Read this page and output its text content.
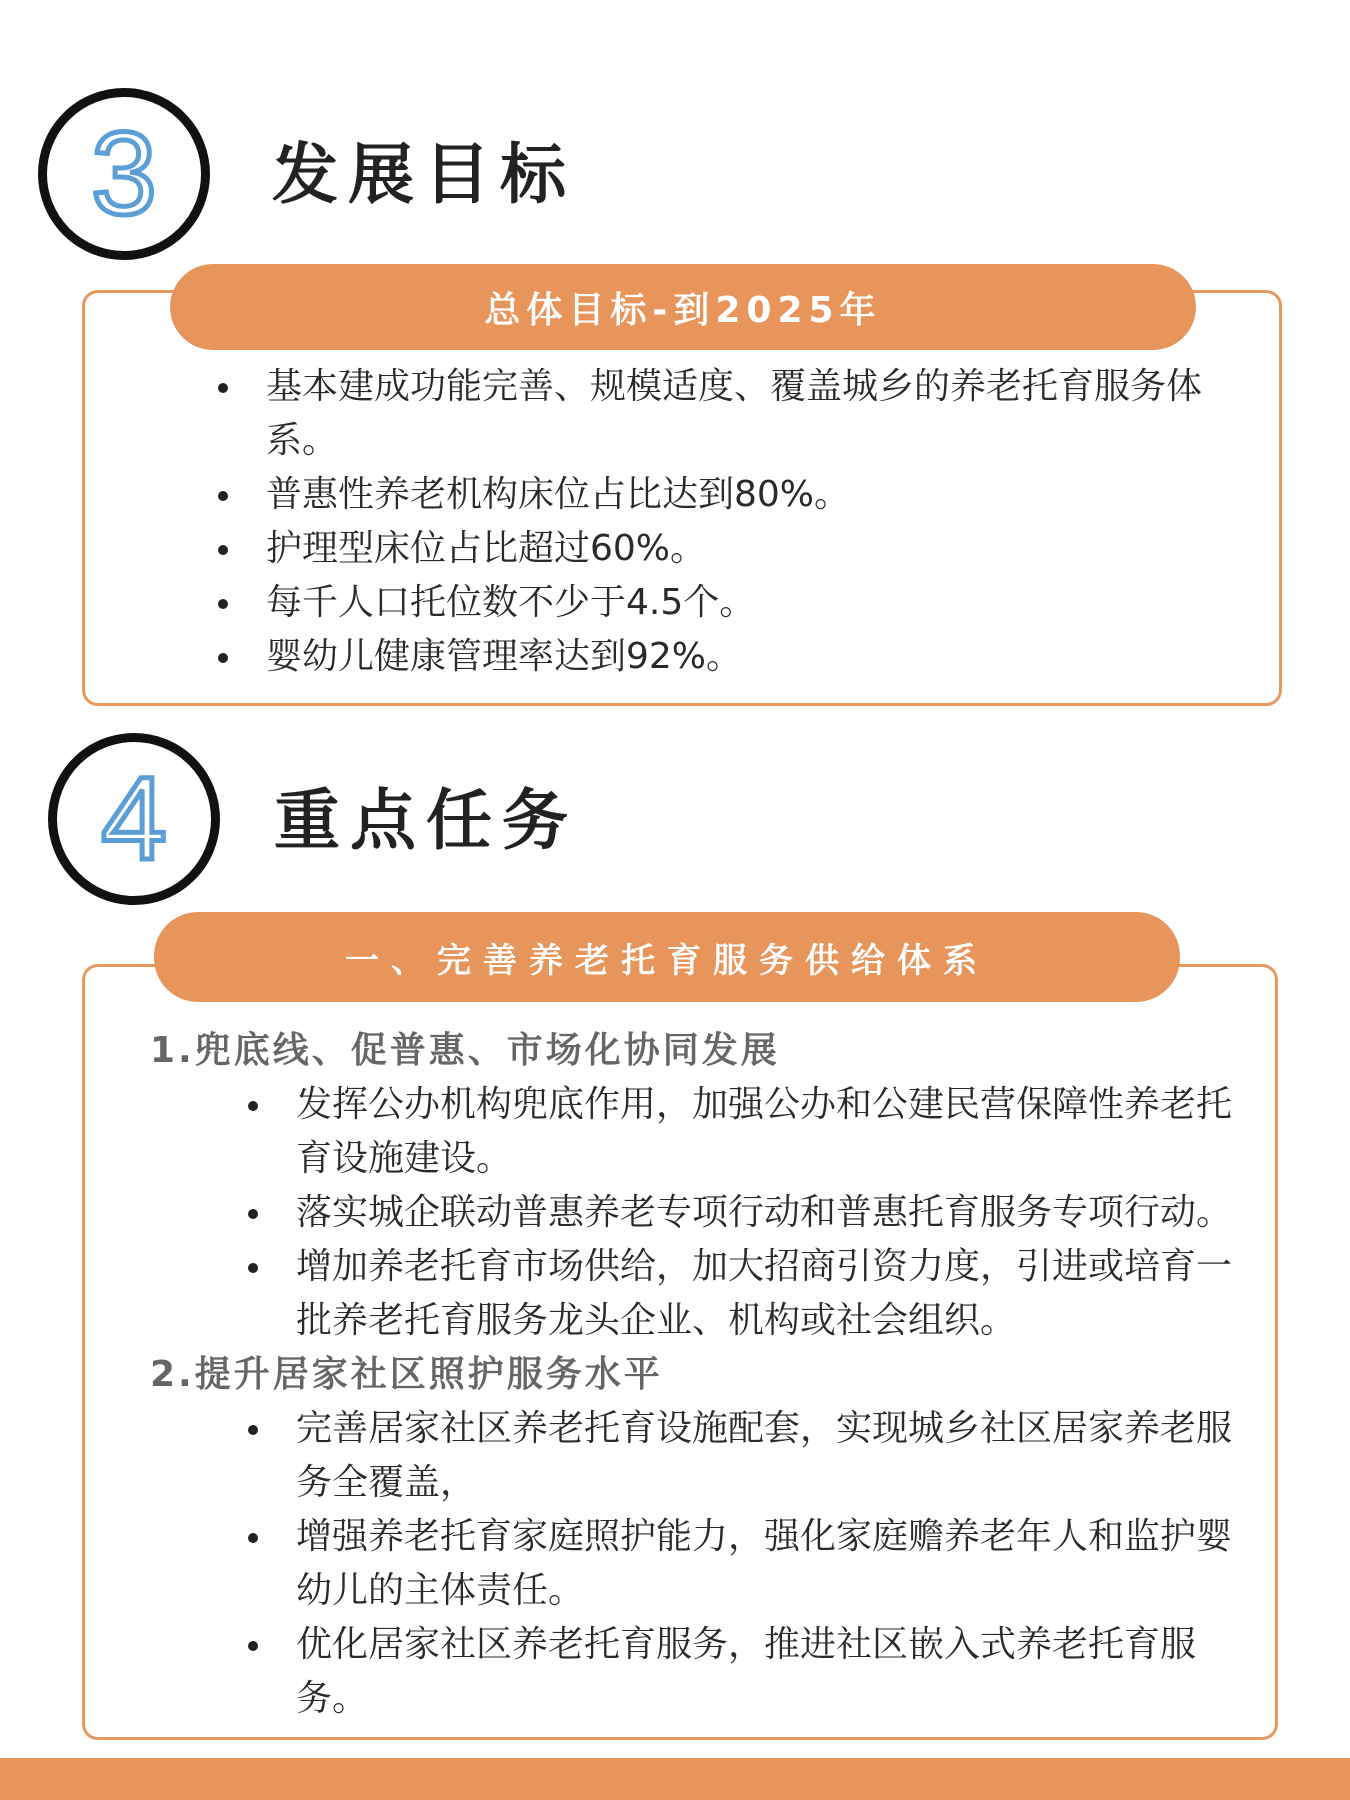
3 发展目标
总体目标-到2025年
基本建成功能完善、规模适度、覆盖城乡的养老托育服务体系。
普惠性养老机构床位占比达到80%。
护理型床位占比超过60%。
每千人口托位数不少于4.5个。
婴幼儿健康管理率达到92%。
4 重点任务
一、完善养老托育服务供给体系
1.兜底线、促普惠、市场化协同发展
发挥公办机构兜底作用，加强公办和公建民营保障性养老托育设施建设。
落实城企联动普惠养老专项行动和普惠托育服务专项行动。
增加养老托育市场供给，加大招商引资力度，引进或培育一批养老托育服务龙头企业、机构或社会组织。
2.提升居家社区照护服务水平
完善居家社区养老托育设施配套，实现城乡社区居家养老服务全覆盖，
增强养老托育家庭照护能力，强化家庭赡养老年人和监护婴幼儿的主体责任。
优化居家社区养老托育服务，推进社区嵌入式养老托育服务。
